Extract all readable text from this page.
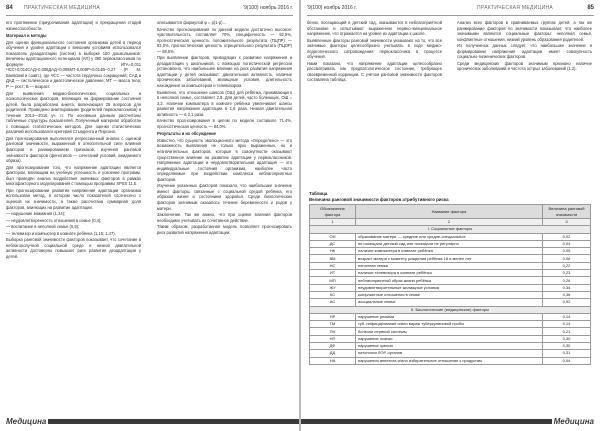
84 ПРАКТИЧЕСКАЯ МЕДИЦИНА	'9(100) ноябрь 2016 г.

его протяжении (приурочивания адаптации) и прекращения стадий жизнеспособности.

Материал и методы

Для оценки функционального состояния организма детей в период обучения и уровня адаптации к внешним условиям использовался показатель дезадаптации (систем) в выборке 150 дошкольников: величины адаптационного потенциала (АП) у 390 первоклассников по формуле ИГА=0,011 ЧСС+0,014САД+0,008ДАД+0,009МТ-0,009Р+0,014В−0,27 (Р. М. Баевский и соавт.), где ЧСС — частота сердечных сокращений; САД и ДАД — систолическое и диастолическое давление; МТ — масса тела; Р — рост; В — возраст.

Для выявления медико-биологических, социальных и психологических факторов, влияющих на формирование состояния детей, была разработана анкета, включающая 25 вопросов для родителей. Проведено анкетирование (родителей первоклассников) в течение 2014—2016 уч. гг. По основным данным рассчитаны табличные структуры показателей. Полученный материал обработан с помощью статистических методов. Для оценки статистических различий использовался критерий Стьюдента и Пирсона.

Для прогнозирования выполнялся регрессионный анализ с оценкой ранговой значимости, выраженной в относительной силе влияния факторов и ранжированием признаков, изучения ранговой значимости факторов (фенотипов — сочетаний условий, ожидаемого образа).

Для прогнозирования того, что напряжение адаптации является фактором, влияющим на учебную успешность и усвоение программ, был проведён анализ воздействия значимых факторов в рамках многофакторного моделирования с помощью программы SPSS 11.5.

При прогнозировании развития напряжения адаптации организма использован метод, в котором число показателей соотнесено с оценкой их значимости, а также рассчитана суммарная доля факторов, влияющих на развитие адаптации.

— нарушение внимания (1,34);

— неудовлетворённость отношений в семье (0,4);

— воспитание в неполной семье (0,9);

— телевизор и компьютер в комнате ребёнка (1,15; 1,47).

Выборка ранговой значимости факторов показывает, что сочетание в неблагополучной социальной среде и низкой двигательной активности достоверно повышает риск развития дезадаптации у детей.

описываются формулой φ = p(1-p)…

Качество прогнозирования по данной модели достаточно высокое: чувствительность составляет 70%, специфичность — 92,5%, прогностическая ценность положительного результата (ПЦПР) — 82,0%, прогностическая ценность отрицательного результата (ПЦОР) — 88,5%.

При выявлении факторов, приводящих к развитию напряжения и дезадаптации у школьников, с помощью логистической регрессии установлено, что наибольшее влияние на риск развития напряжения адаптации у детей оказывают: двигательная активность, наличие хронических заболеваний, жилищные условия, длительность нахождения за компьютером и телевизором.

Выявлено, что отношение шансов (ОШ) для ребёнка, проживающего в неполной семье, составляет 2,9. Для детей, часто болеющих, ОШ = 3,2. Наличие компьютера в комнате ребёнка увеличивает шансы развития напряжения адаптации в 1,6 раза. Низкая двигательная активность — в 2,1 раза.

Качество прогнозирования в целом по модели составило 71,4%, прогностическая ценность — 84,0%.

Результаты и их обсуждение

Известно, что сущность эволюционного метода «Определено» — это возможность выявления не только ярко выраженных, но и незначительных факторов, которые в совокупности оказывают существенное влияние на развитие адаптации у первоклассников. Напряжение адаптации и неудовлетворительная адаптация — это индивидуальные состояния организма, наиболее часто определяемые при воздействии комплекса неблагоприятных факторов.

Изучение указанных факторов показало, что наибольшее значение имеют факторы, связанные с социальной средой ребёнка, его образом жизни и состоянием здоровья. Среди биологических факторов значимым оказалось течение беременности и родов у матери.

Заключение. Так же важно, что при оценке влияния факторов необходимо учитывать их сочетанное действие.

Таким образом, разработанная модель позволяет прогнозировать риск развития напряжения адаптации.

Медицина
'9(100) ноябрь 2016 г.	ПРАКТИЧЕСКАЯ МЕДИЦИНА	85

бенок, посещающий в детский сад, оказываются в неблагоприятной обстановке и испытывают выраженное нервно-эмоциональное напряжение, что отражается на уровне их адаптации к школе.

Выявленные факторы ранговой значимости указывают на то, что все значимые факторы целесообразно учитывать в ходе медико-педагогического сопровождения первоклассника в процессе обучения.

Нами показано, что напряжение адаптации целесообразно рассматривать как предпатологическое состояние, требующее своевременной коррекции. С учётом ранговой значимости факторов составлена таблица.

Анализ всех факторов в сравниваемых группах детей, а так же ранжирование факторов по значимости показывает, что наиболее значимыми являются социальные факторы: неполная семья, конфликтные отношения, низкий уровень образования родителей.

Из полученных данных следует, что наибольшее значение в формировании напряжения адаптации имеет совокупность социально-гигиенических факторов.

Среди медицинских факторов значимым признано наличие хронических заболеваний и частота острых заболеваний (1,2).

Таблица
Величина ранговой значимости факторов атрибутивного риска
Обозначение фактора	Название фактора	Величина ранговой значимости
1	2	3
I. Социальные факторы		
ОН	образование матери — средние или средне-специальное	0,02
ДС	не посещали детский сад или посещали не регулярно	0,04
НК	наличие компьютера в комнате ребёнка	0,05
ВМ	возраст матери к моменту рождения ребёнка 18 и менее лет	0,08
НС	неполная семья	0,22
ИТ	наличие телевизора в комнате ребёнка	0,23
МП	неблагоприятный образ жизни ребёнка	0,26
ЖУ	неудовлетворительные жилищные условия	0,34
КС	конфликтные отношения в семье	0,36
АС	асоциальные семьи	0,52
II. Биологические (медицинские) факторы		
НР	нарушение режима	0,14
ТМ	туб. инфицирование и/или вираж туберкулиновой пробы	0,14
ПН	болезни нервной системы	0,21
НП	нарушение осанки	0,30
ДФ	нарушение зрения	0,30
ДД	патология ЛОР-органов	0,31
НА	нарушения аппетита и/или избирательное отношение к продуктам	0,04
Медицина
